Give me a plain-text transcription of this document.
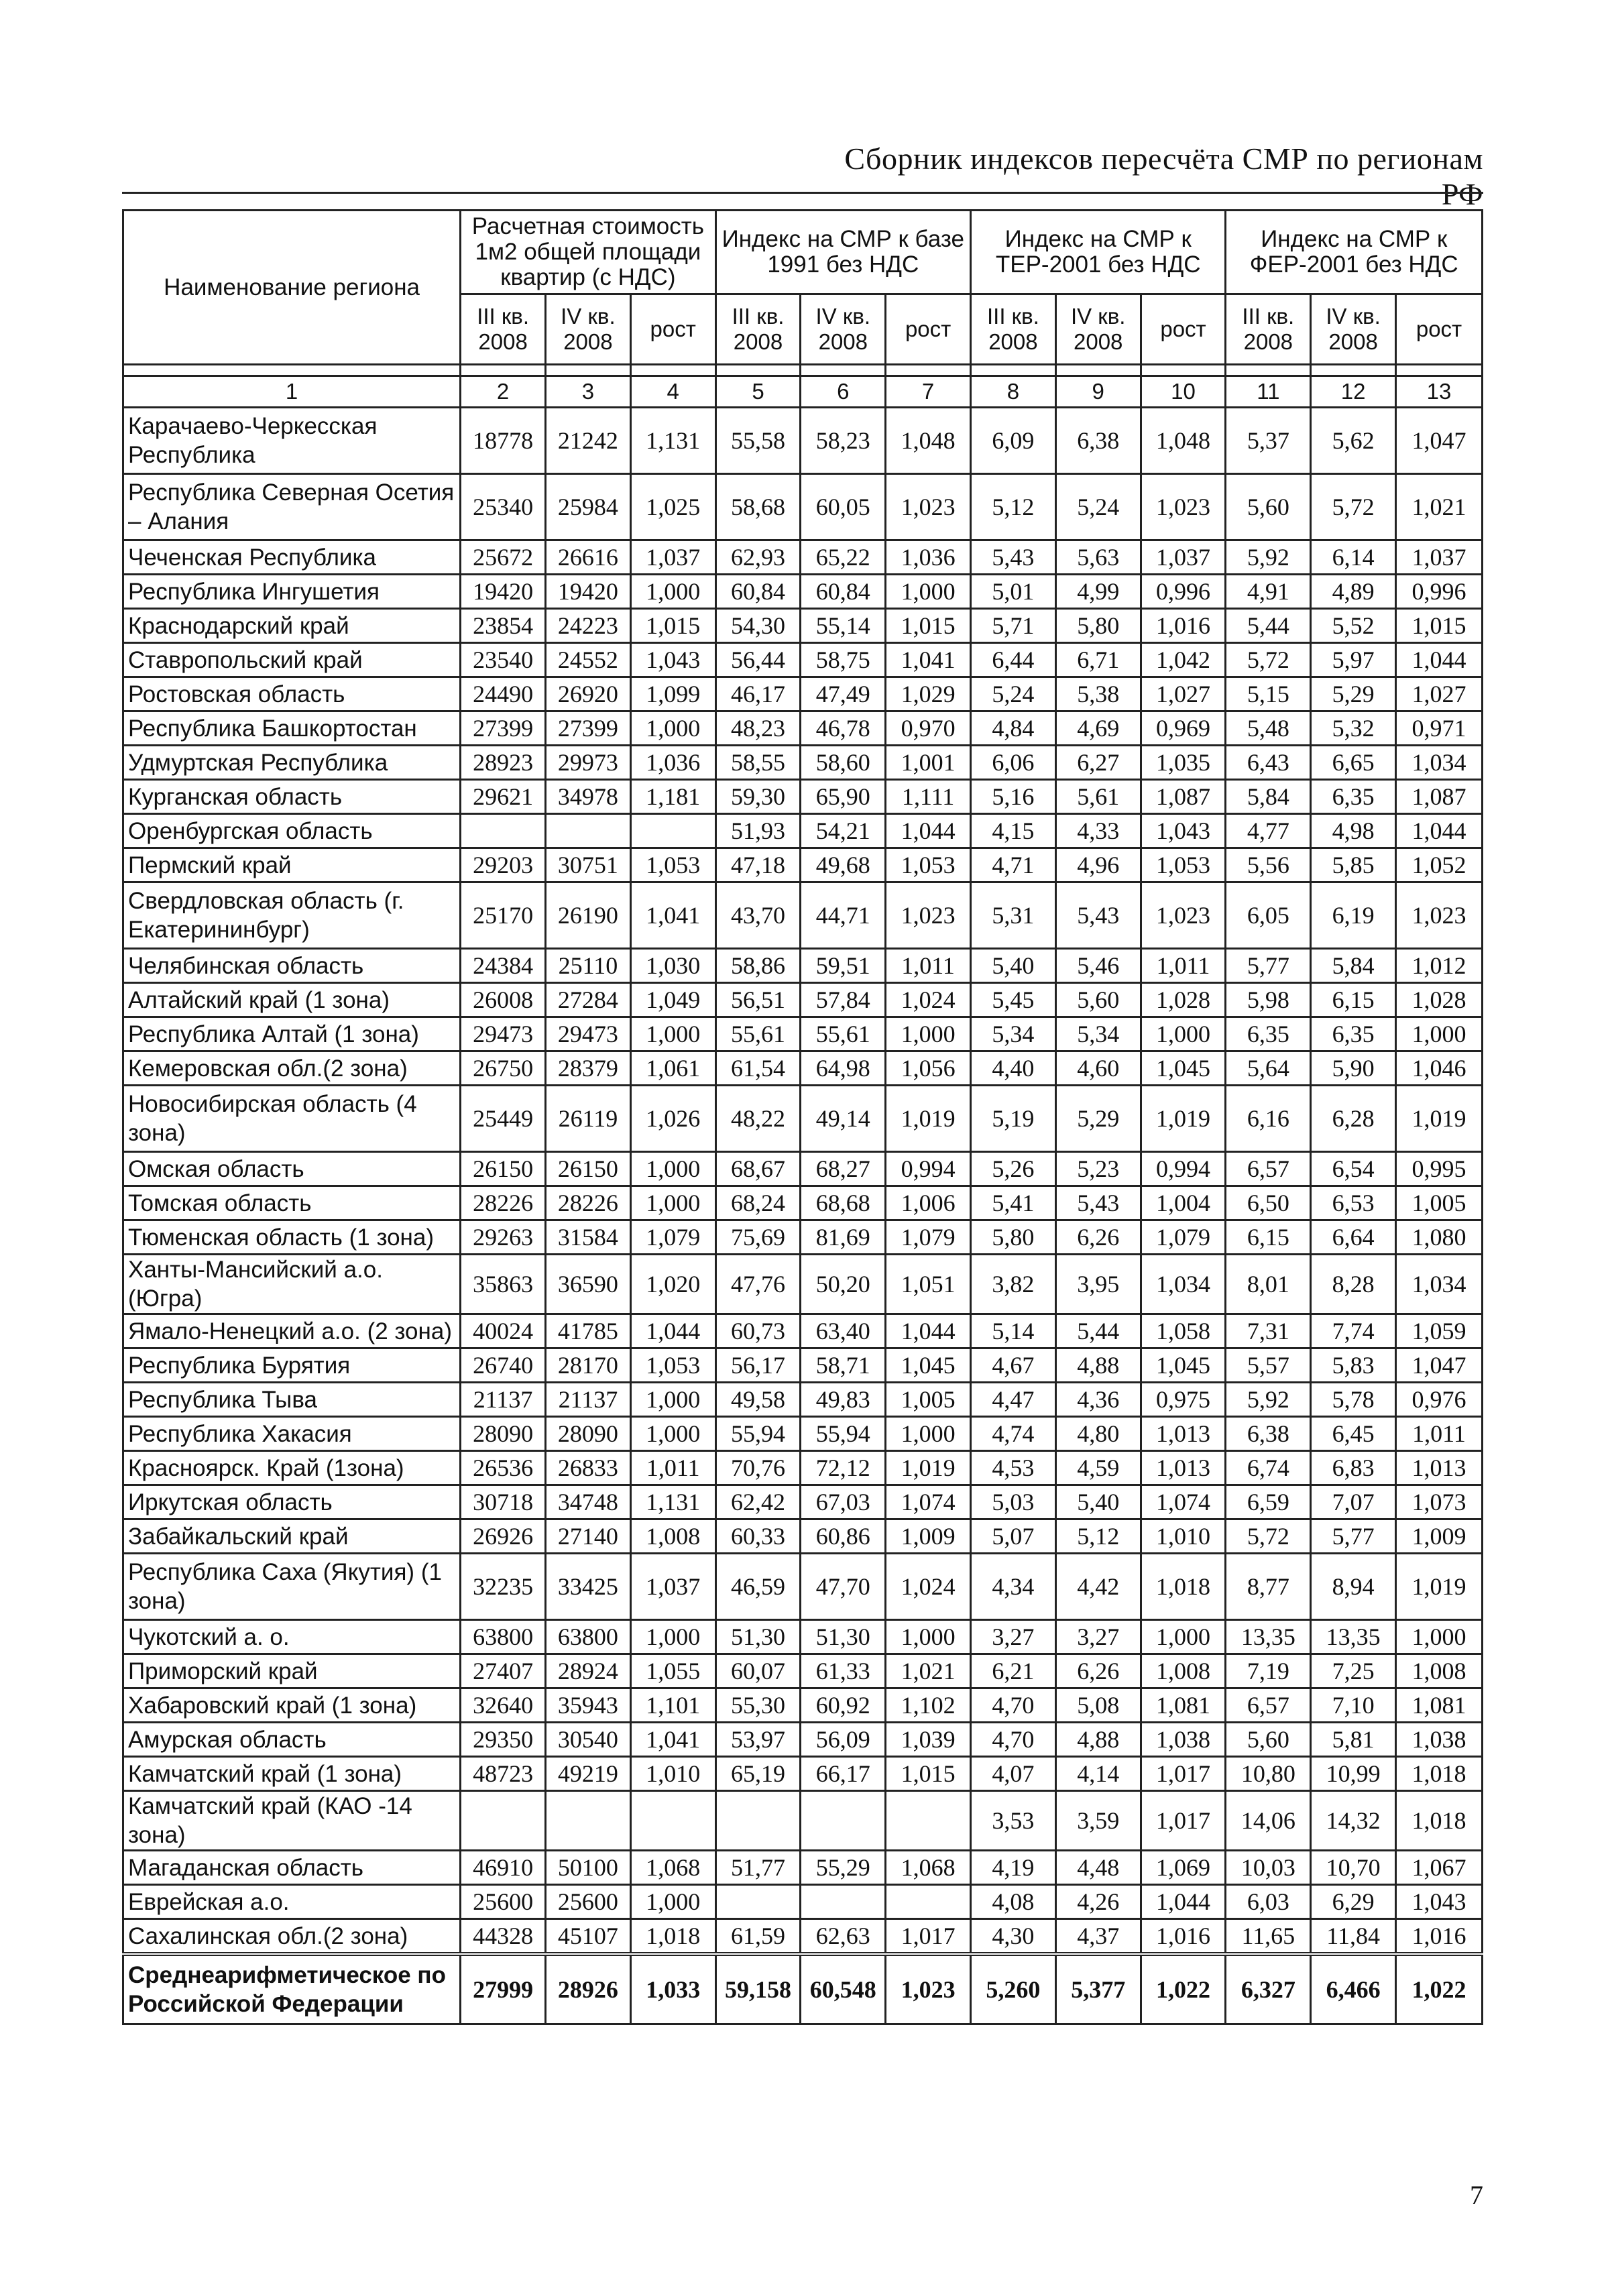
Сборник индексов пересчёта СМР по регионам РФ
Наименование региона	Расчетная стоимость 1м2 общей площади квартир (с НДС)			Индекс на СМР к базе 1991 без НДС			Индекс на СМР к ТЕР-2001 без НДС			Индекс на СМР к ФЕР-2001 без НДС		
	III кв. 2008	IV кв. 2008	рост	III кв. 2008	IV кв. 2008	рост	III кв. 2008	IV кв. 2008	рост	III кв. 2008	IV кв. 2008	рост

1	2	3	4	5	6	7	8	9	10	11	12	13
Карачаево-Черкесская Республика	18778	21242	1,131	55,58	58,23	1,048	6,09	6,38	1,048	5,37	5,62	1,047
Республика Северная Осетия – Алания	25340	25984	1,025	58,68	60,05	1,023	5,12	5,24	1,023	5,60	5,72	1,021
Чеченская Республика	25672	26616	1,037	62,93	65,22	1,036	5,43	5,63	1,037	5,92	6,14	1,037
Республика Ингушетия	19420	19420	1,000	60,84	60,84	1,000	5,01	4,99	0,996	4,91	4,89	0,996
Краснодарский край	23854	24223	1,015	54,30	55,14	1,015	5,71	5,80	1,016	5,44	5,52	1,015
Ставропольский край	23540	24552	1,043	56,44	58,75	1,041	6,44	6,71	1,042	5,72	5,97	1,044
Ростовская область	24490	26920	1,099	46,17	47,49	1,029	5,24	5,38	1,027	5,15	5,29	1,027
Республика Башкортостан	27399	27399	1,000	48,23	46,78	0,970	4,84	4,69	0,969	5,48	5,32	0,971
Удмуртская Республика	28923	29973	1,036	58,55	58,60	1,001	6,06	6,27	1,035	6,43	6,65	1,034
Курганская область	29621	34978	1,181	59,30	65,90	1,111	5,16	5,61	1,087	5,84	6,35	1,087
Оренбургская область				51,93	54,21	1,044	4,15	4,33	1,043	4,77	4,98	1,044
Пермский край	29203	30751	1,053	47,18	49,68	1,053	4,71	4,96	1,053	5,56	5,85	1,052
Свердловская область (г. Екатерининбург)	25170	26190	1,041	43,70	44,71	1,023	5,31	5,43	1,023	6,05	6,19	1,023
Челябинская область	24384	25110	1,030	58,86	59,51	1,011	5,40	5,46	1,011	5,77	5,84	1,012
Алтайский край (1 зона)	26008	27284	1,049	56,51	57,84	1,024	5,45	5,60	1,028	5,98	6,15	1,028
Республика Алтай (1 зона)	29473	29473	1,000	55,61	55,61	1,000	5,34	5,34	1,000	6,35	6,35	1,000
Кемеровская обл.(2 зона)	26750	28379	1,061	61,54	64,98	1,056	4,40	4,60	1,045	5,64	5,90	1,046
Новосибирская область (4 зона)	25449	26119	1,026	48,22	49,14	1,019	5,19	5,29	1,019	6,16	6,28	1,019
Омская область	26150	26150	1,000	68,67	68,27	0,994	5,26	5,23	0,994	6,57	6,54	0,995
Томская область	28226	28226	1,000	68,24	68,68	1,006	5,41	5,43	1,004	6,50	6,53	1,005
Тюменская область (1 зона)	29263	31584	1,079	75,69	81,69	1,079	5,80	6,26	1,079	6,15	6,64	1,080
Ханты-Мансийский а.о. (Югра)	35863	36590	1,020	47,76	50,20	1,051	3,82	3,95	1,034	8,01	8,28	1,034
Ямало-Ненецкий а.о. (2 зона)	40024	41785	1,044	60,73	63,40	1,044	5,14	5,44	1,058	7,31	7,74	1,059
Республика Бурятия	26740	28170	1,053	56,17	58,71	1,045	4,67	4,88	1,045	5,57	5,83	1,047
Республика Тыва	21137	21137	1,000	49,58	49,83	1,005	4,47	4,36	0,975	5,92	5,78	0,976
Республика Хакасия	28090	28090	1,000	55,94	55,94	1,000	4,74	4,80	1,013	6,38	6,45	1,011
Красноярск. Край (1зона)	26536	26833	1,011	70,76	72,12	1,019	4,53	4,59	1,013	6,74	6,83	1,013
Иркутская область	30718	34748	1,131	62,42	67,03	1,074	5,03	5,40	1,074	6,59	7,07	1,073
Забайкальский край	26926	27140	1,008	60,33	60,86	1,009	5,07	5,12	1,010	5,72	5,77	1,009
Республика Саха (Якутия) (1 зона)	32235	33425	1,037	46,59	47,70	1,024	4,34	4,42	1,018	8,77	8,94	1,019
Чукотский а. о.	63800	63800	1,000	51,30	51,30	1,000	3,27	3,27	1,000	13,35	13,35	1,000
Приморский край	27407	28924	1,055	60,07	61,33	1,021	6,21	6,26	1,008	7,19	7,25	1,008
Хабаровский край (1 зона)	32640	35943	1,101	55,30	60,92	1,102	4,70	5,08	1,081	6,57	7,10	1,081
Амурская область	29350	30540	1,041	53,97	56,09	1,039	4,70	4,88	1,038	5,60	5,81	1,038
Камчатский край (1 зона)	48723	49219	1,010	65,19	66,17	1,015	4,07	4,14	1,017	10,80	10,99	1,018
Камчатский край (КАО -14 зона)							3,53	3,59	1,017	14,06	14,32	1,018
Магаданская область	46910	50100	1,068	51,77	55,29	1,068	4,19	4,48	1,069	10,03	10,70	1,067
Еврейская а.о.	25600	25600	1,000				4,08	4,26	1,044	6,03	6,29	1,043
Сахалинская обл.(2 зона)	44328	45107	1,018	61,59	62,63	1,017	4,30	4,37	1,016	11,65	11,84	1,016
Среднеарифметическое по Российской Федерации	27999	28926	1,033	59,158	60,548	1,023	5,260	5,377	1,022	6,327	6,466	1,022
7
